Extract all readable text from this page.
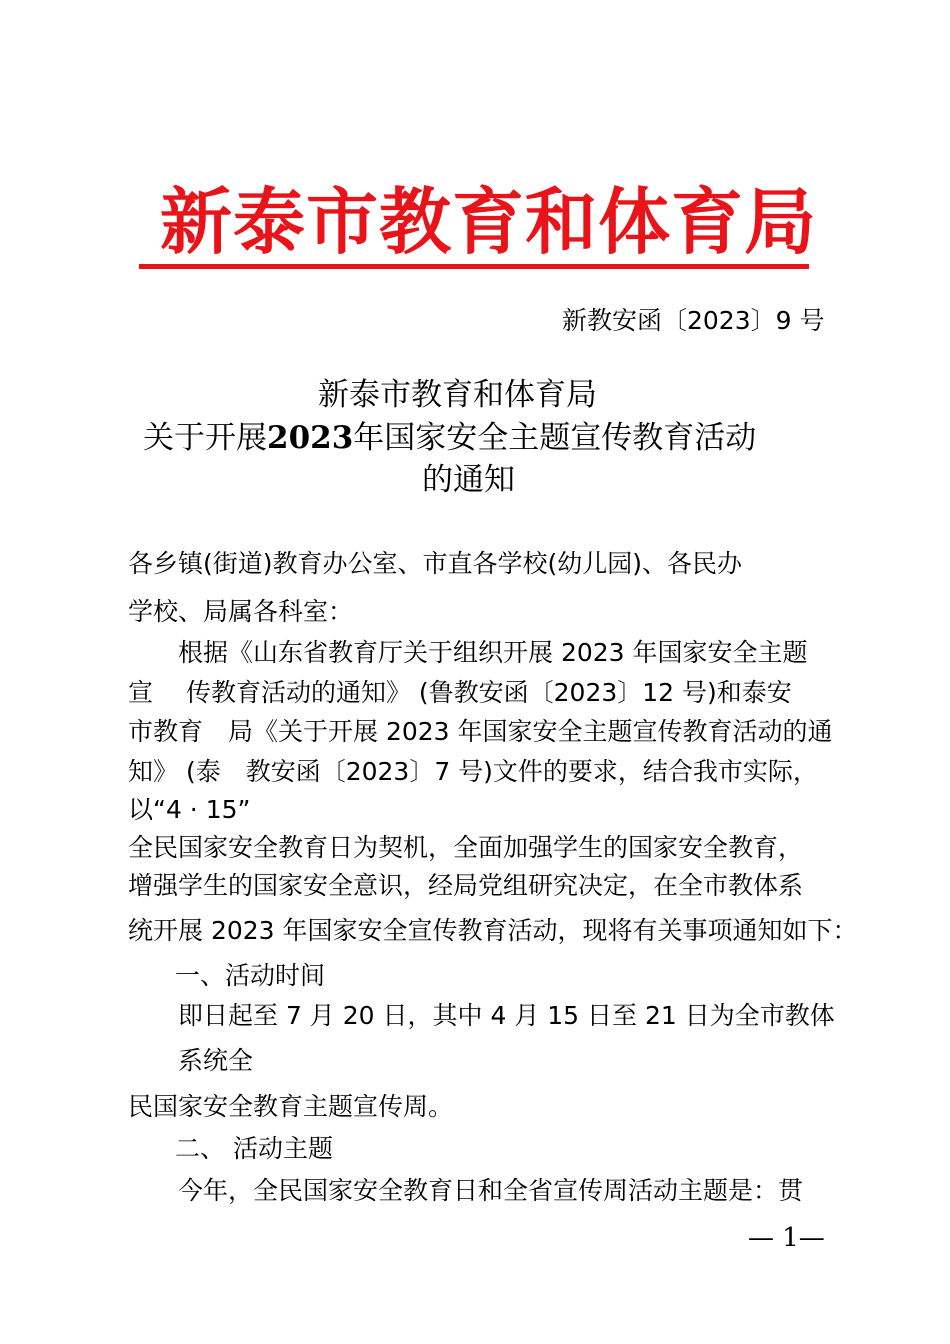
新泰市教育和体育局
新教安函〔2023〕9 号
新泰市教育和体育局
关于开展2023年国家安全主题宣传教育活动
的通知
各乡镇(街道)教育办公室、市直各学校(幼儿园)、各民办
学校、局属各科室：
根据《山东省教育厅关于组织开展 2023 年国家安全主题
宣　 传教育活动的通知》 (鲁教安函〔2023〕12 号)和泰安
市教育　局《关于开展 2023 年国家安全主题宣传教育活动的通
知》 (泰　教安函〔2023〕7 号)文件的要求，结合我市实际，
以“4 · 15”
全民国家安全教育日为契机，全面加强学生的国家安全教育，
增强学生的国家安全意识，经局党组研究决定，在全市教体系
统开展 2023 年国家安全宣传教育活动，现将有关事项通知如下：
一、活动时间
即日起至 7 月 20 日，其中 4 月 15 日至 21 日为全市教体
系统全
民国家安全教育主题宣传周。
二、 活动主题
今年，全民国家安全教育日和全省宣传周活动主题是：贯
— 1—
